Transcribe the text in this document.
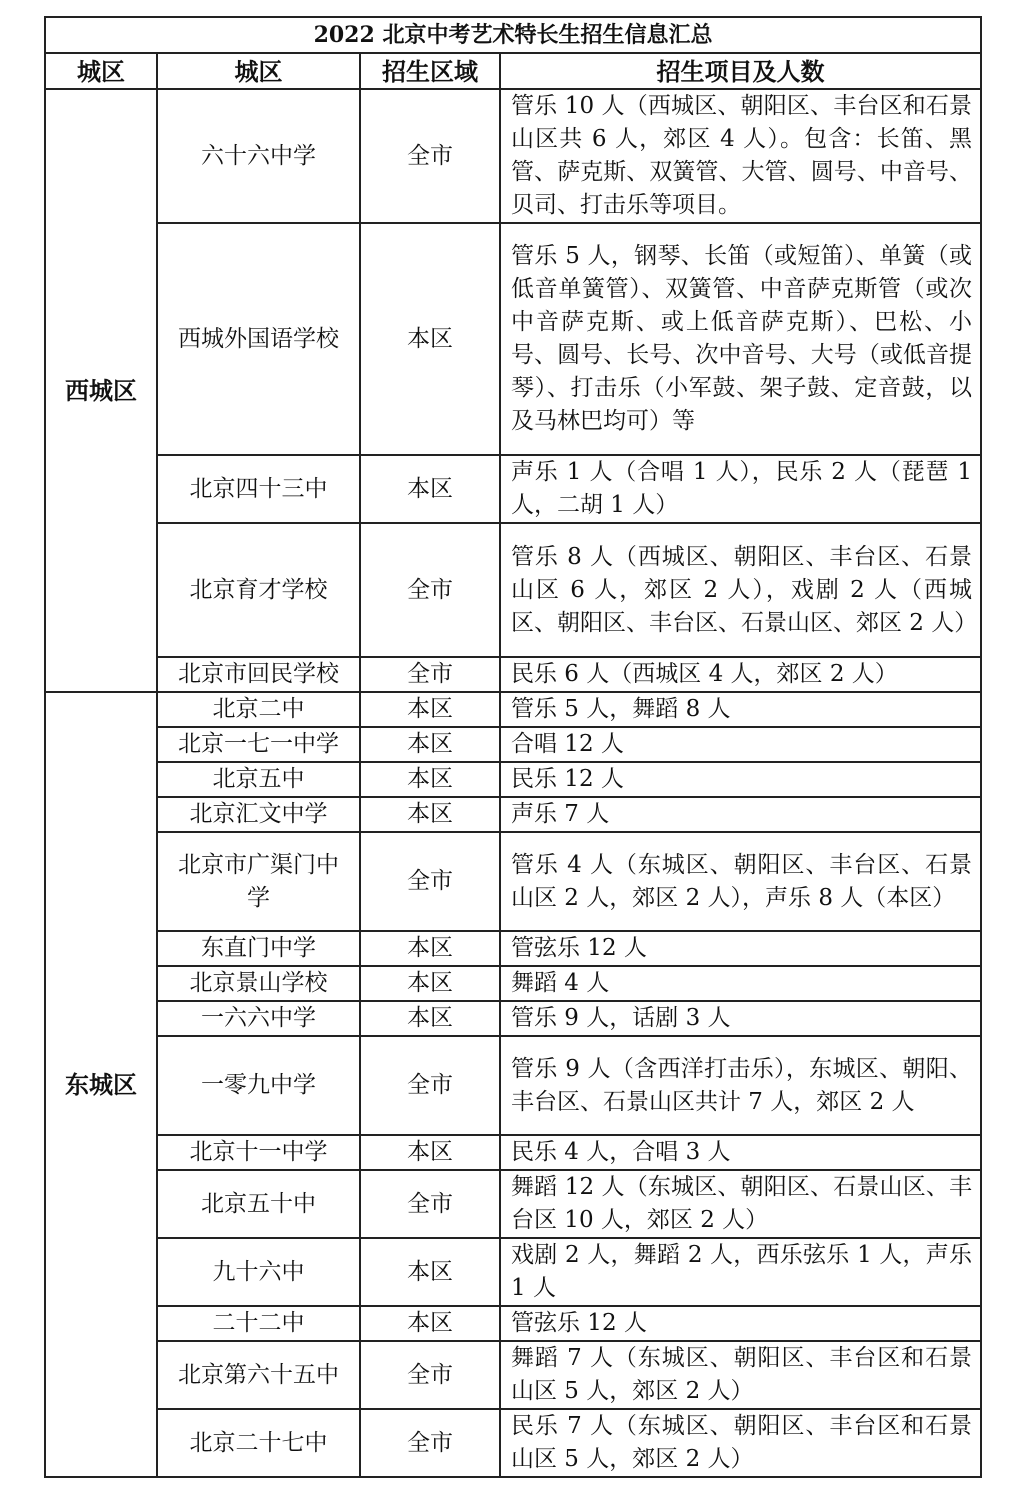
2022 北京中考艺术特长生招生信息汇总			
城区	城区	招生区域	招生项目及人数
西城区	六十六中学	全市	管乐 10 人（西城区、朝阳区、丰台区和石景山区共 6 人，郊区 4 人）。包含：长笛、黑管、萨克斯、双簧管、大管、圆号、中音号、贝司、打击乐等项目。
	西城外国语学校	本区	管乐 5 人，钢琴、长笛（或短笛）、单簧（或低音单簧管）、双簧管、中音萨克斯管（或次中音萨克斯、或上低音萨克斯）、巴松、小号、圆号、长号、次中音号、大号（或低音提琴）、打击乐（小军鼓、架子鼓、定音鼓，以及马林巴均可）等
	北京四十三中	本区	声乐 1 人（合唱 1 人），民乐 2 人（琵琶 1 人，二胡 1 人）
	北京育才学校	全市	管乐 8 人（西城区、朝阳区、丰台区、石景山区 6 人，郊区 2 人），戏剧 2 人（西城区、朝阳区、丰台区、石景山区、郊区 2 人）
	北京市回民学校	全市	民乐 6 人（西城区 4 人，郊区 2 人）
东城区	北京二中	本区	管乐 5 人，舞蹈 8 人
	北京一七一中学	本区	合唱 12 人
	北京五中	本区	民乐 12 人
	北京汇文中学	本区	声乐 7 人
	北京市广渠门中学	全市	管乐 4 人（东城区、朝阳区、丰台区、石景山区 2 人，郊区 2 人），声乐 8 人（本区）
	东直门中学	本区	管弦乐 12 人
	北京景山学校	本区	舞蹈 4 人
	一六六中学	本区	管乐 9 人，话剧 3 人
	一零九中学	全市	管乐 9 人（含西洋打击乐），东城区、朝阳、丰台区、石景山区共计 7 人，郊区 2 人
	北京十一中学	本区	民乐 4 人，合唱 3 人
	北京五十中	全市	舞蹈 12 人（东城区、朝阳区、石景山区、丰台区 10 人，郊区 2 人）
	九十六中	本区	戏剧 2 人，舞蹈 2 人，西乐弦乐 1 人，声乐 1 人
	二十二中	本区	管弦乐 12 人
	北京第六十五中	全市	舞蹈 7 人（东城区、朝阳区、丰台区和石景山区 5 人，郊区 2 人）
	北京二十七中	全市	民乐 7 人（东城区、朝阳区、丰台区和石景山区 5 人，郊区 2 人）
